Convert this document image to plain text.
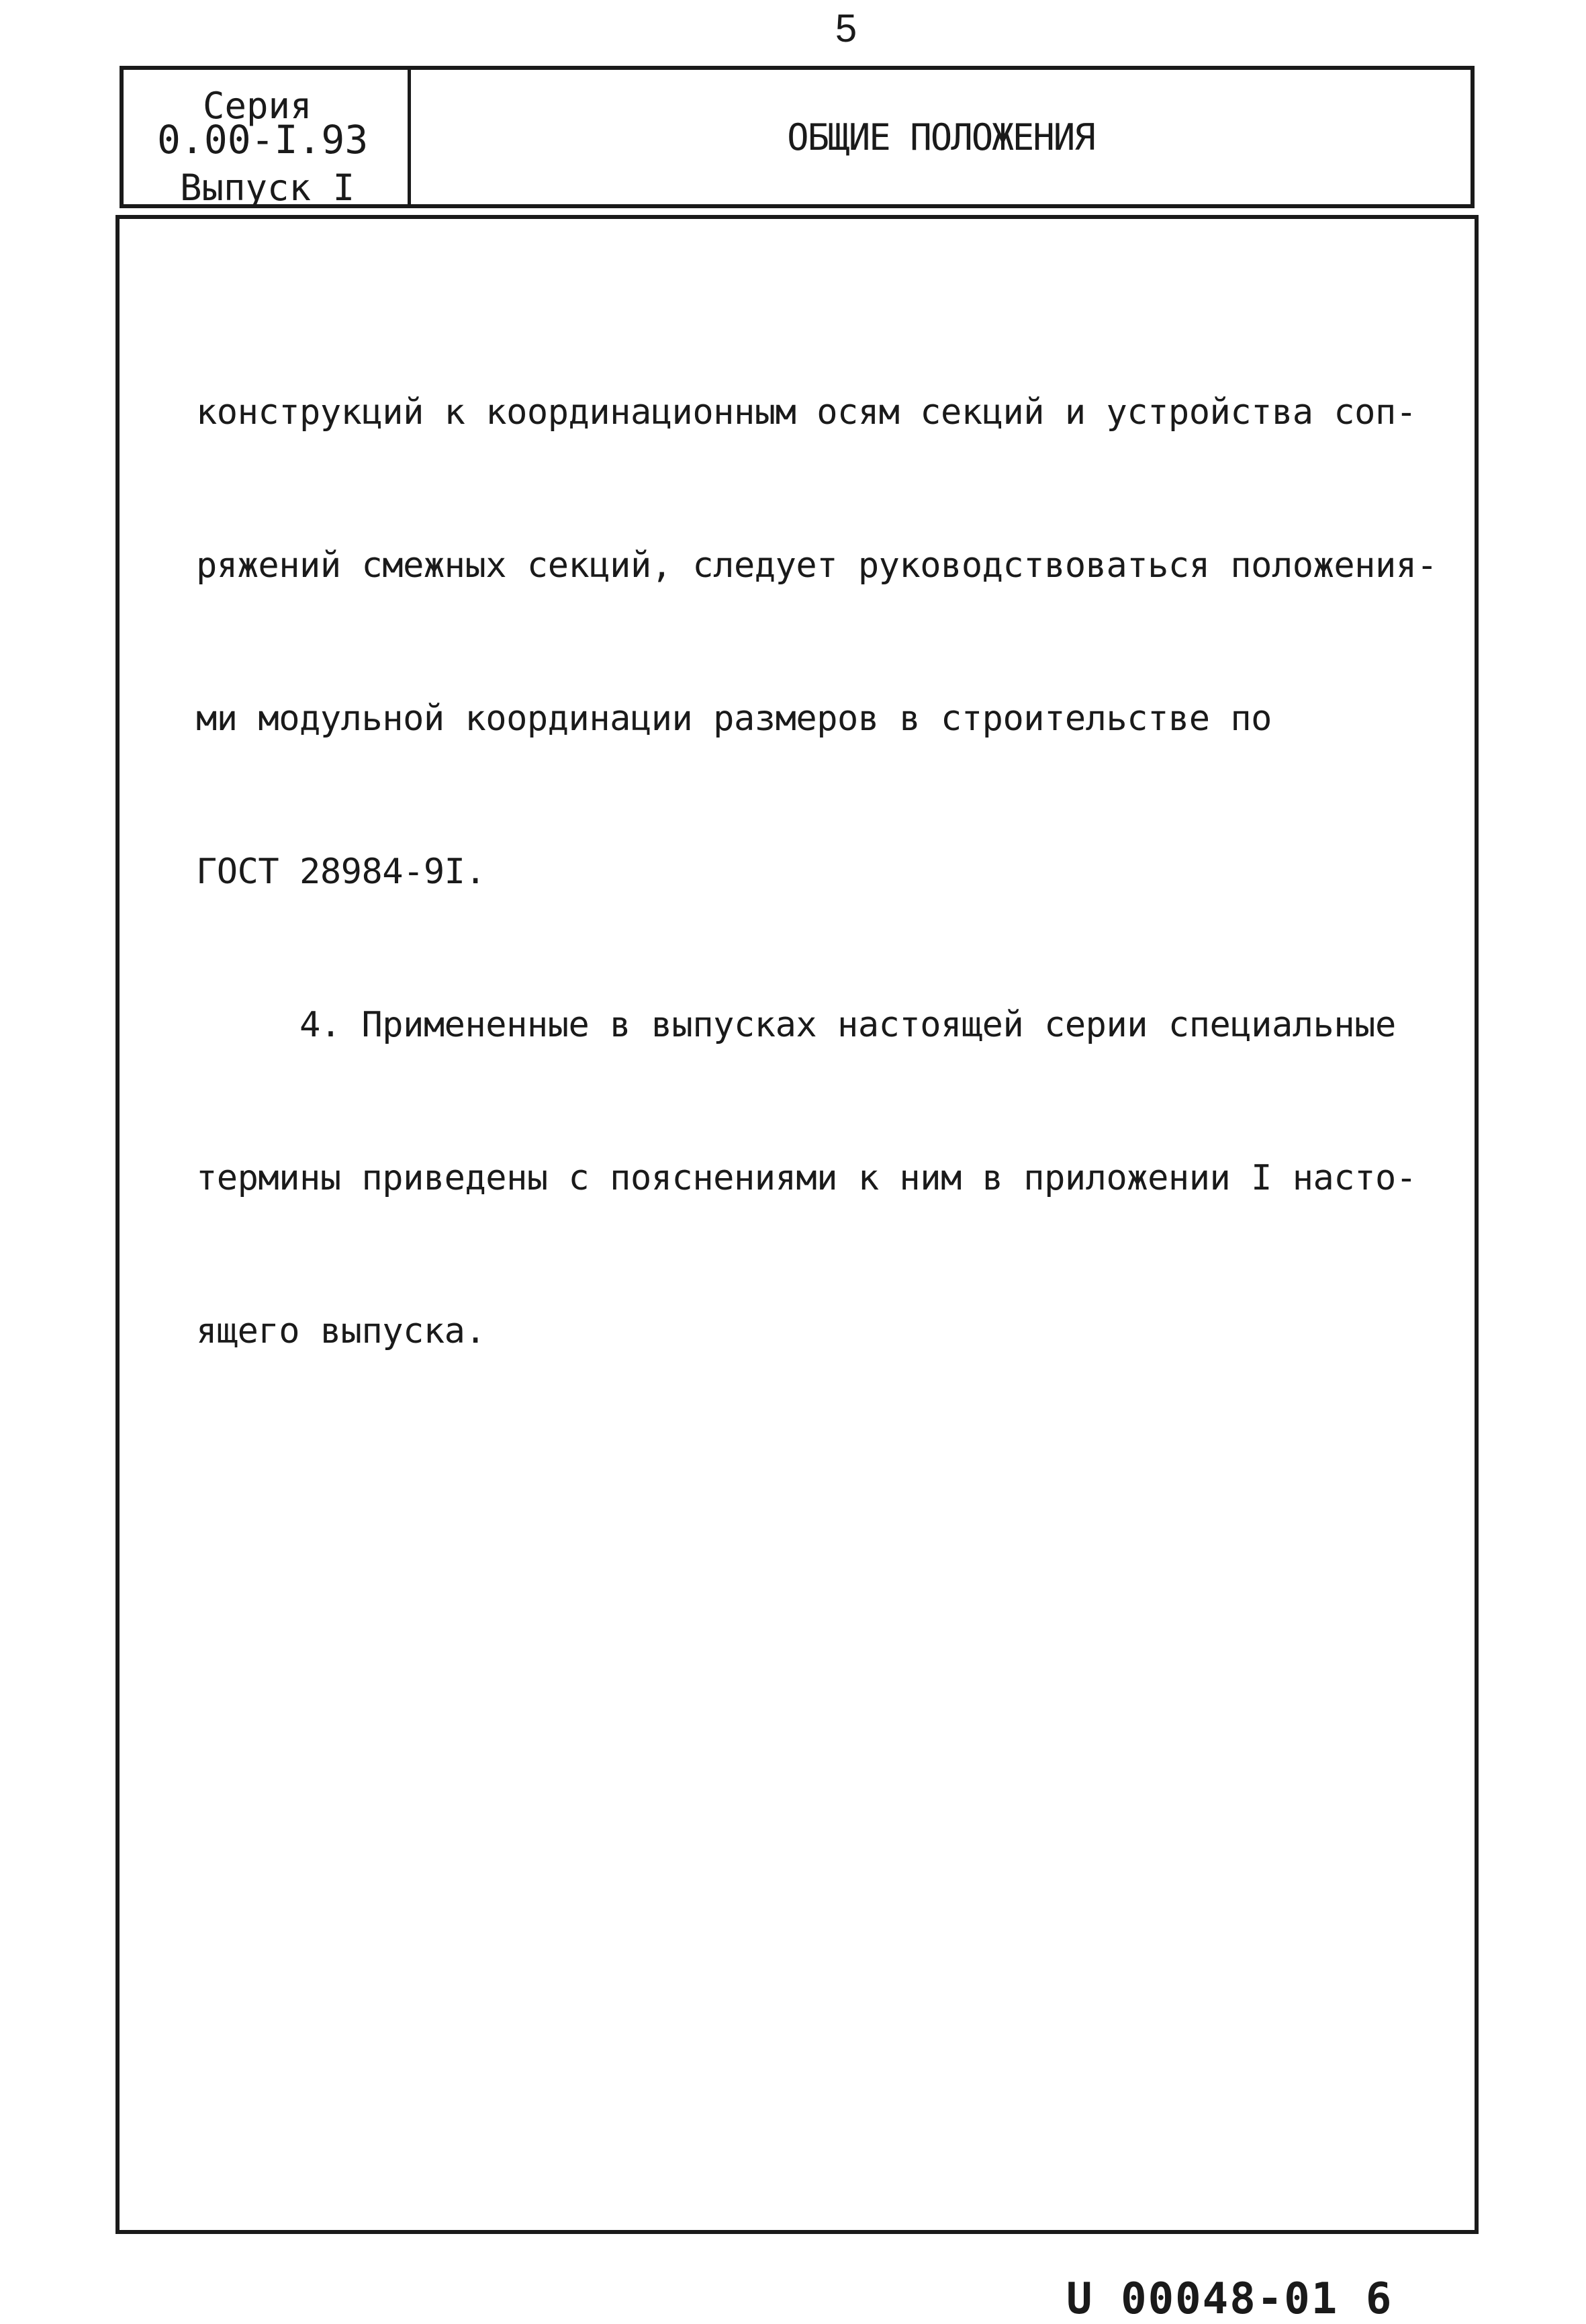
5
Серия
0.00-I.93
Выпуск I
ОБЩИЕ ПОЛОЖЕНИЯ

конструкций к координационным осям секций и устройства соп-

ряжений смежных секций, следует руководствоваться положения-

ми модульной координации размеров в строительстве по

ГОСТ 28984-9I.

4. Примененные в выпусках настоящей серии специальные

термины приведены с пояснениями к ним в приложении I насто-

ящего выпуска.

U 00048-01 6
